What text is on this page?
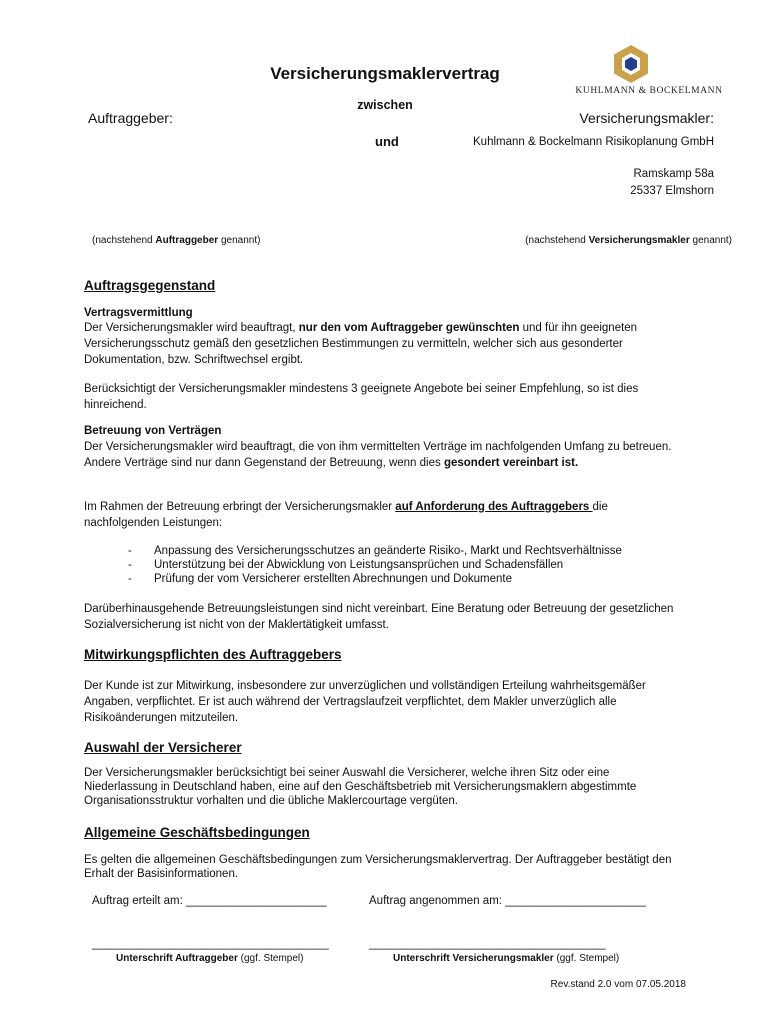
KUHLMANN & BOCKELMANN
Versicherungsmaklervertrag
zwischen
Auftraggeber:	Versicherungsmakler:
und	Kuhlmann & Bockelmann Risikoplanung GmbH
Ramskamp 58a
25337 Elmshorn
(nachstehend Auftraggeber genannt)	(nachstehend Versicherungsmakler genannt)
Auftragsgegenstand
Vertragsvermittlung
Der Versicherungsmakler wird beauftragt, nur den vom Auftraggeber gewünschten und für ihn geeigneten Versicherungsschutz gemäß den gesetzlichen Bestimmungen zu vermitteln, welcher sich aus gesonderter Dokumentation, bzw. Schriftwechsel ergibt.
Berücksichtigt der Versicherungsmakler mindestens 3 geeignete Angebote bei seiner Empfehlung, so ist dies hinreichend.
Betreuung von Verträgen
Der Versicherungsmakler wird beauftragt, die von ihm vermittelten Verträge im nachfolgenden Umfang zu betreuen. Andere Verträge sind nur dann Gegenstand der Betreuung, wenn dies gesondert vereinbart ist.
Im Rahmen der Betreuung erbringt der Versicherungsmakler auf Anforderung des Auftraggebers die nachfolgenden Leistungen:
-	Anpassung des Versicherungsschutzes an geänderte Risiko-, Markt und Rechtsverhältnisse
-	Unterstützung bei der Abwicklung von Leistungsansprüchen und Schadensfällen
-	Prüfung der vom Versicherer erstellten Abrechnungen und Dokumente
Darüberhinausgehende Betreuungsleistungen sind nicht vereinbart. Eine Beratung oder Betreuung der gesetzlichen Sozialversicherung ist nicht von der Maklertätigkeit umfasst.
Mitwirkungspflichten des Auftraggebers
Der Kunde ist zur Mitwirkung, insbesondere zur unverzüglichen und vollständigen Erteilung wahrheitsgemäßer Angaben, verpflichtet. Er ist auch während der Vertragslaufzeit verpflichtet, dem Makler unverzüglich alle Risikoänderungen mitzuteilen.
Auswahl der Versicherer
Der Versicherungsmakler berücksichtigt bei seiner Auswahl die Versicherer, welche ihren Sitz oder eine Niederlassung in Deutschland haben, eine auf den Geschäftsbetrieb mit Versicherungsmaklern abgestimmte Organisationsstruktur vorhalten und die übliche Maklercourtage vergüten.
Allgemeine Geschäftsbedingungen
Es gelten die allgemeinen Geschäftsbedingungen zum Versicherungsmaklervertrag. Der Auftraggeber bestätigt den Erhalt der Basisinformationen.
Auftrag erteilt am: ______________________	Auftrag angenommen am: ______________________
_____________________________________	_____________________________________
Unterschrift Auftraggeber (ggf. Stempel)	Unterschrift Versicherungsmakler (ggf. Stempel)
Rev.stand 2.0 vom 07.05.2018
